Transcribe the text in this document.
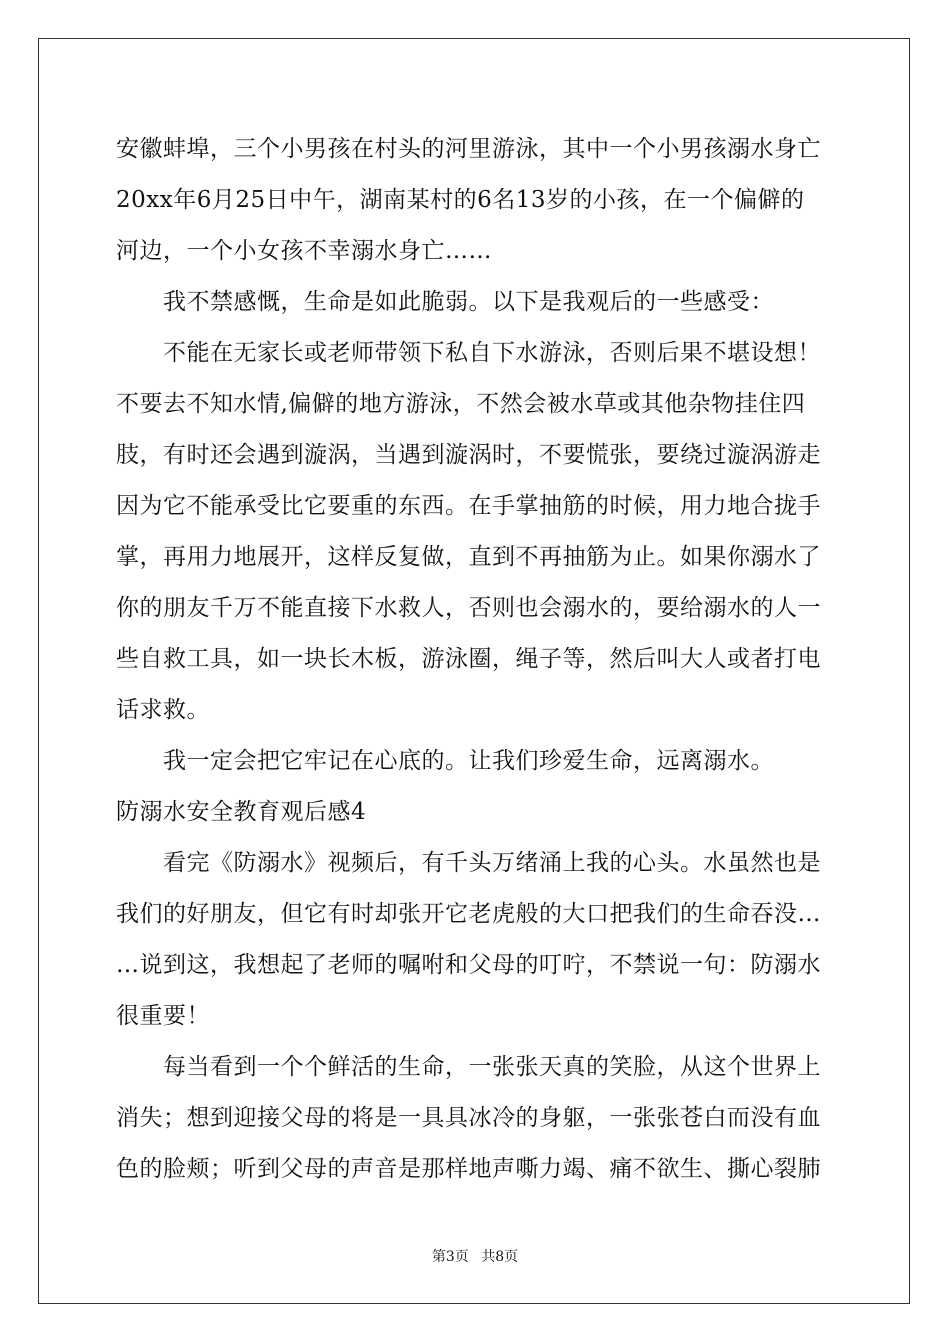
安徽蚌埠，三个小男孩在村头的河里游泳，其中一个小男孩溺水身亡
20xx年6月25日中午，湖南某村的6名13岁的小孩，在一个偏僻的
河边，一个小女孩不幸溺水身亡……
　　我不禁感慨，生命是如此脆弱。以下是我观后的一些感受：
　　不能在无家长或老师带领下私自下水游泳，否则后果不堪设想！
不要去不知水情,偏僻的地方游泳，不然会被水草或其他杂物挂住四
肢，有时还会遇到漩涡，当遇到漩涡时，不要慌张，要绕过漩涡游走
因为它不能承受比它要重的东西。在手掌抽筋的时候，用力地合拢手
掌，再用力地展开，这样反复做，直到不再抽筋为止。如果你溺水了
你的朋友千万不能直接下水救人，否则也会溺水的，要给溺水的人一
些自救工具，如一块长木板，游泳圈，绳子等，然后叫大人或者打电
话求救。
　　我一定会把它牢记在心底的。让我们珍爱生命，远离溺水。
防溺水安全教育观后感4
　　看完《防溺水》视频后，有千头万绪涌上我的心头。水虽然也是
我们的好朋友，但它有时却张开它老虎般的大口把我们的生命吞没…
…说到这，我想起了老师的嘱咐和父母的叮咛，不禁说一句：防溺水
很重要！
　　每当看到一个个鲜活的生命，一张张天真的笑脸，从这个世界上
消失；想到迎接父母的将是一具具冰冷的身躯，一张张苍白而没有血
色的脸颊；听到父母的声音是那样地声嘶力竭、痛不欲生、撕心裂肺
第3页 共8页
